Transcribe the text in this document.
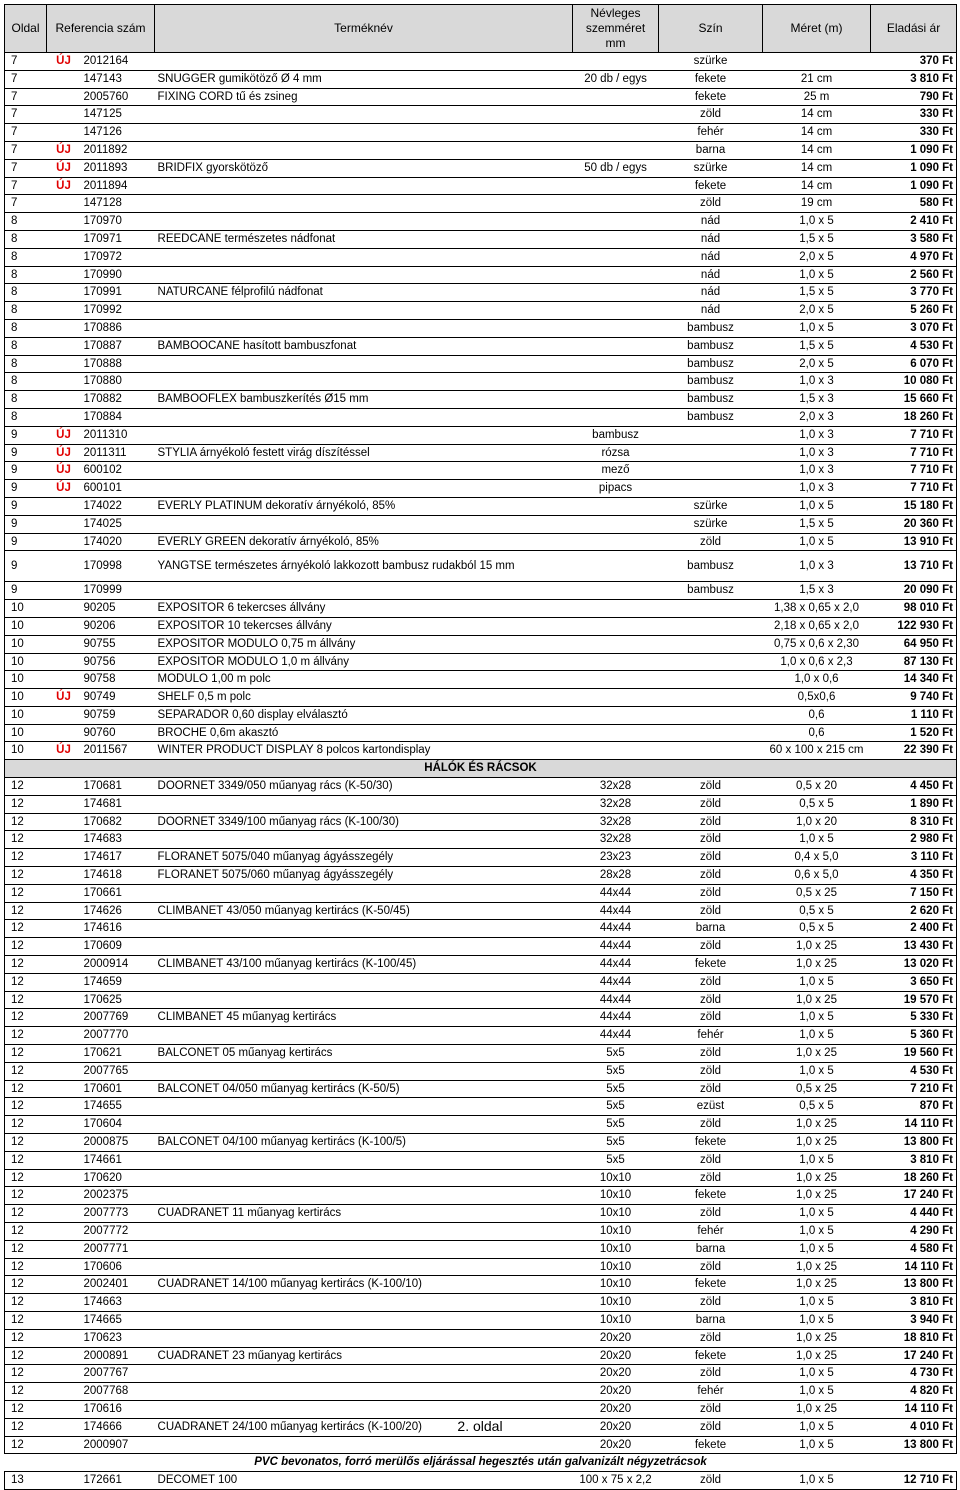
Oldal	Referencia szám		Terméknév	Névleges szemméret mm	Szín	Méret (m)	Eladási ár
7	ÚJ	2012164			szürke		370 Ft
7		147143	SNUGGER gumikötöző Ø 4 mm	20 db / egys	fekete	21 cm	3 810 Ft
7		2005760	FIXING CORD tű és zsineg		fekete	25 m	790 Ft
7		147125			zöld	14 cm	330 Ft
7		147126			fehér	14 cm	330 Ft
7	ÚJ	2011892			barna	14 cm	1 090 Ft
7	ÚJ	2011893	BRIDFIX gyorskötöző	50 db / egys	szürke	14 cm	1 090 Ft
7	ÚJ	2011894			fekete	14 cm	1 090 Ft
7		147128			zöld	19 cm	580 Ft
8		170970			nád	1,0 x 5	2 410 Ft
8		170971	REEDCANE természetes nádfonat		nád	1,5 x 5	3 580 Ft
8		170972			nád	2,0 x 5	4 970 Ft
8		170990			nád	1,0 x 5	2 560 Ft
8		170991	NATURCANE félprofilú nádfonat		nád	1,5 x 5	3 770 Ft
8		170992			nád	2,0 x 5	5 260 Ft
8		170886			bambusz	1,0 x 5	3 070 Ft
8		170887	BAMBOOCANE hasított bambuszfonat		bambusz	1,5 x 5	4 530 Ft
8		170888			bambusz	2,0 x 5	6 070 Ft
8		170880			bambusz	1,0 x 3	10 080 Ft
8		170882	BAMBOOFLEX bambuszkerítés Ø15 mm		bambusz	1,5 x 3	15 660 Ft
8		170884			bambusz	2,0 x 3	18 260 Ft
9	ÚJ	2011310		bambusz		1,0 x 3	7 710 Ft
9	ÚJ	2011311	STYLIA árnyékoló festett virág díszítéssel	rózsa		1,0 x 3	7 710 Ft
9	ÚJ	600102		mező		1,0 x 3	7 710 Ft
9	ÚJ	600101		pipacs		1,0 x 3	7 710 Ft
9		174022	EVERLY PLATINUM dekoratív árnyékoló, 85%		szürke	1,0 x 5	15 180 Ft
9		174025			szürke	1,5 x 5	20 360 Ft
9		174020	EVERLY GREEN dekoratív árnyékoló, 85%		zöld	1,0 x 5	13 910 Ft
9		170998	YANGTSE természetes árnyékoló lakkozott bambusz rudakból 15 mm		bambusz	1,0 x 3	13 710 Ft
9		170999			bambusz	1,5 x 3	20 090 Ft
10		90205	EXPOSITOR 6 tekercses állvány			1,38 x 0,65 x 2,0	98 010 Ft
10		90206	EXPOSITOR 10 tekercses állvány			2,18 x 0,65 x 2,0	122 930 Ft
10		90755	EXPOSITOR MODULO 0,75 m állvány			0,75 x 0,6 x 2,30	64 950 Ft
10		90756	EXPOSITOR MODULO 1,0 m állvány			1,0 x 0,6 x 2,3	87 130 Ft
10		90758	MODULO 1,00 m polc			1,0 x 0,6	14 340 Ft
10	ÚJ	90749	SHELF 0,5 m polc			0,5x0,6	9 740 Ft
10		90759	SEPARADOR 0,60 display elválasztó			0,6	1 110 Ft
10		90760	BROCHE 0,6m akasztó			0,6	1 520 Ft
10	ÚJ	2011567	WINTER PRODUCT DISPLAY 8 polcos kartondisplay			60 x 100 x 215 cm	22 390 Ft
HÁLÓK ÉS RÁCSOK							
12		170681	DOORNET 3349/050 műanyag rács (K-50/30)	32x28	zöld	0,5 x 20	4 450 Ft
12		174681		32x28	zöld	0,5 x 5	1 890 Ft
12		170682	DOORNET 3349/100 műanyag rács (K-100/30)	32x28	zöld	1,0 x 20	8 310 Ft
12		174683		32x28	zöld	1,0 x 5	2 980 Ft
12		174617	FLORANET 5075/040 műanyag ágyásszegély	23x23	zöld	0,4 x 5,0	3 110 Ft
12		174618	FLORANET 5075/060 műanyag ágyásszegély	28x28	zöld	0,6 x 5,0	4 350 Ft
12		170661		44x44	zöld	0,5 x 25	7 150 Ft
12		174626	CLIMBANET 43/050 műanyag kertirács (K-50/45)	44x44	zöld	0,5 x 5	2 620 Ft
12		174616		44x44	barna	0,5 x 5	2 400 Ft
12		170609		44x44	zöld	1,0 x 25	13 430 Ft
12		2000914	CLIMBANET 43/100 műanyag kertirács (K-100/45)	44x44	fekete	1,0 x 25	13 020 Ft
12		174659		44x44	zöld	1,0 x 5	3 650 Ft
12		170625		44x44	zöld	1,0 x 25	19 570 Ft
12		2007769	CLIMBANET 45 műanyag kertirács	44x44	zöld	1,0 x 5	5 330 Ft
12		2007770		44x44	fehér	1,0 x 5	5 360 Ft
12		170621	BALCONET 05 műanyag kertirács	5x5	zöld	1,0 x 25	19 560 Ft
12		2007765		5x5	zöld	1,0 x 5	4 530 Ft
12		170601	BALCONET 04/050 műanyag kertirács (K-50/5)	5x5	zöld	0,5 x 25	7 210 Ft
12		174655		5x5	ezüst	0,5 x 5	870 Ft
12		170604		5x5	zöld	1,0 x 25	14 110 Ft
12		2000875	BALCONET 04/100 műanyag kertirács (K-100/5)	5x5	fekete	1,0 x 25	13 800 Ft
12		174661		5x5	zöld	1,0 x 5	3 810 Ft
12		170620		10x10	zöld	1,0 x 25	18 260 Ft
12		2002375		10x10	fekete	1,0 x 25	17 240 Ft
12		2007773	CUADRANET 11 műanyag kertirács	10x10	zöld	1,0 x 5	4 440 Ft
12		2007772		10x10	fehér	1,0 x 5	4 290 Ft
12		2007771		10x10	barna	1,0 x 5	4 580 Ft
12		170606		10x10	zöld	1,0 x 25	14 110 Ft
12		2002401	CUADRANET 14/100 műanyag kertirács (K-100/10)	10x10	fekete	1,0 x 25	13 800 Ft
12		174663		10x10	zöld	1,0 x 5	3 810 Ft
12		174665		10x10	barna	1,0 x 5	3 940 Ft
12		170623		20x20	zöld	1,0 x 25	18 810 Ft
12		2000891	CUADRANET 23 műanyag kertirács	20x20	fekete	1,0 x 25	17 240 Ft
12		2007767		20x20	zöld	1,0 x 5	4 730 Ft
12		2007768		20x20	fehér	1,0 x 5	4 820 Ft
12		170616		20x20	zöld	1,0 x 25	14 110 Ft
12		174666	CUADRANET 24/100 műanyag kertirács (K-100/20)	20x20	zöld	1,0 x 5	4 010 Ft
12		2000907		20x20	fekete	1,0 x 5	13 800 Ft
PVC bevonatos, forró merülős eljárással hegesztés után galvanizált négyzetrácsok							
13		172661	DECOMET 100	100 x 75 x 2,2	zöld	1,0 x 5	12 710 Ft
2. oldal
